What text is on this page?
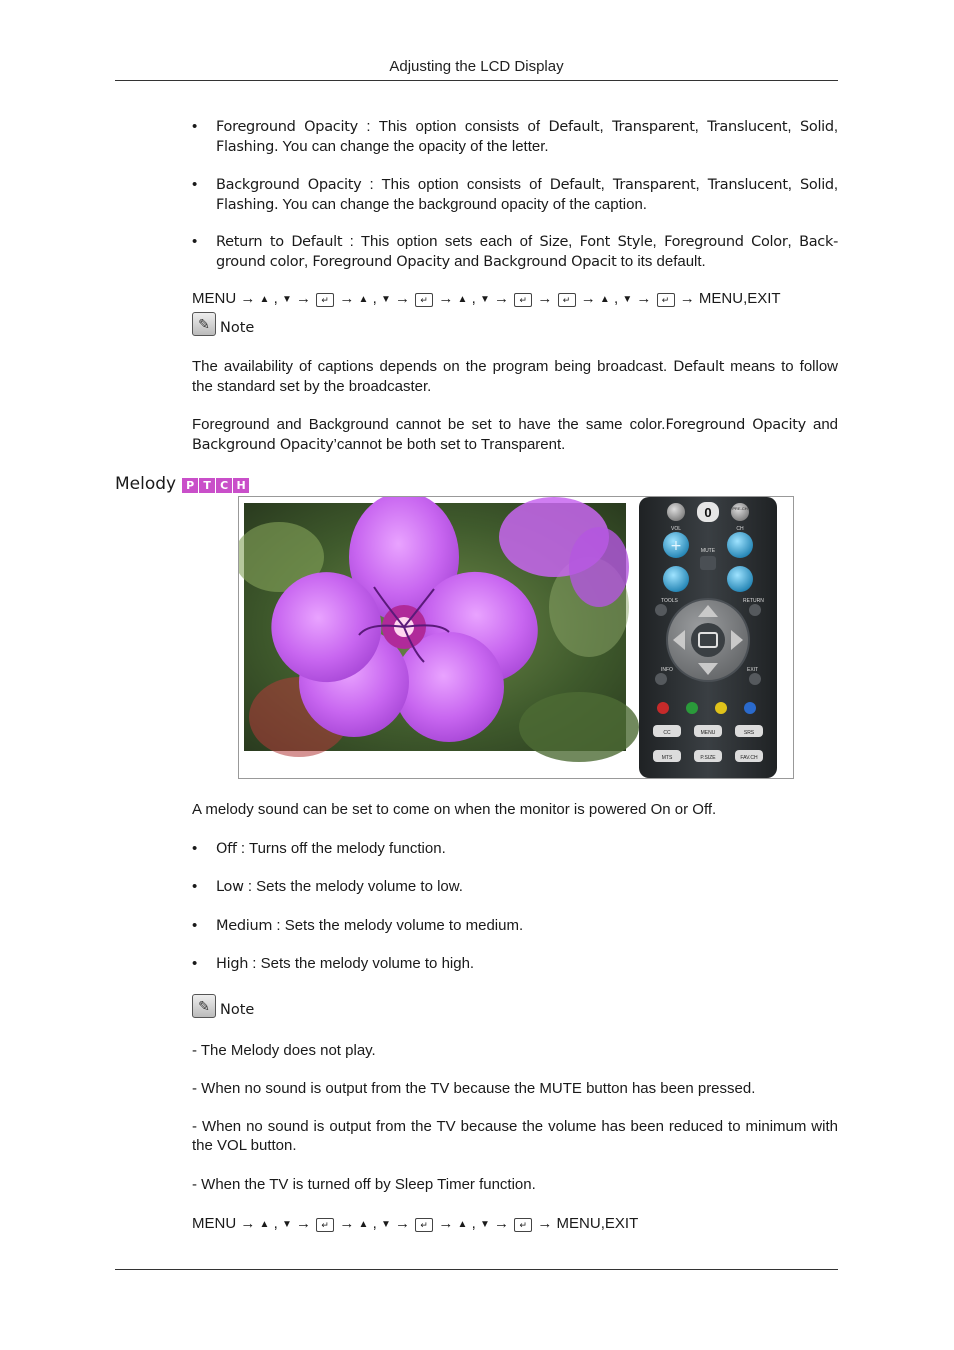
Adjusting the LCD Display
• Foreground Opacity : This option consists of Default, Transparent, Translucent, Solid, Flashing. You can change the opacity of the letter.
• Background Opacity : This option consists of Default, Transparent, Translucent, Solid, Flashing. You can change the background opacity of the caption.
• Return to Default : This option sets each of Size, Font Style, Foreground Color, Back-ground color, Foreground Opacity and Background Opacit to its default.
MENU → ▲ , ▼ → ↵ → ▲ , ▼ → ↵ → ▲ , ▼ → ↵ → ↵ → ▲ , ▼ → ↵ → MENU,EXIT
✎ Note
The availability of captions depends on the program being broadcast. Default means to follow the standard set by the broadcaster.
Foreground and Background cannot be set to have the same color.Foreground Opacity and Background Opacity’cannot be both set to Transparent.
Melody P T C H
0	PRE-CH
VOL	CH
+	MUTE
TOOLS	RETURN
INFO	EXIT
CC	MENU	SRS
MTS	P.SIZE	FAV.CH
A melody sound can be set to come on when the monitor is powered On or Off.
• Off : Turns off the melody function.
• Low : Sets the melody volume to low.
• Medium : Sets the melody volume to medium.
• High : Sets the melody volume to high.
✎ Note
- The Melody does not play.
- When no sound is output from the TV because the MUTE button has been pressed.
- When no sound is output from the TV because the volume has been reduced to minimum with the VOL button.
- When the TV is turned off by Sleep Timer function.
MENU → ▲ , ▼ → ↵ → ▲ , ▼ → ↵ → ▲ , ▼ → ↵ → MENU,EXIT
